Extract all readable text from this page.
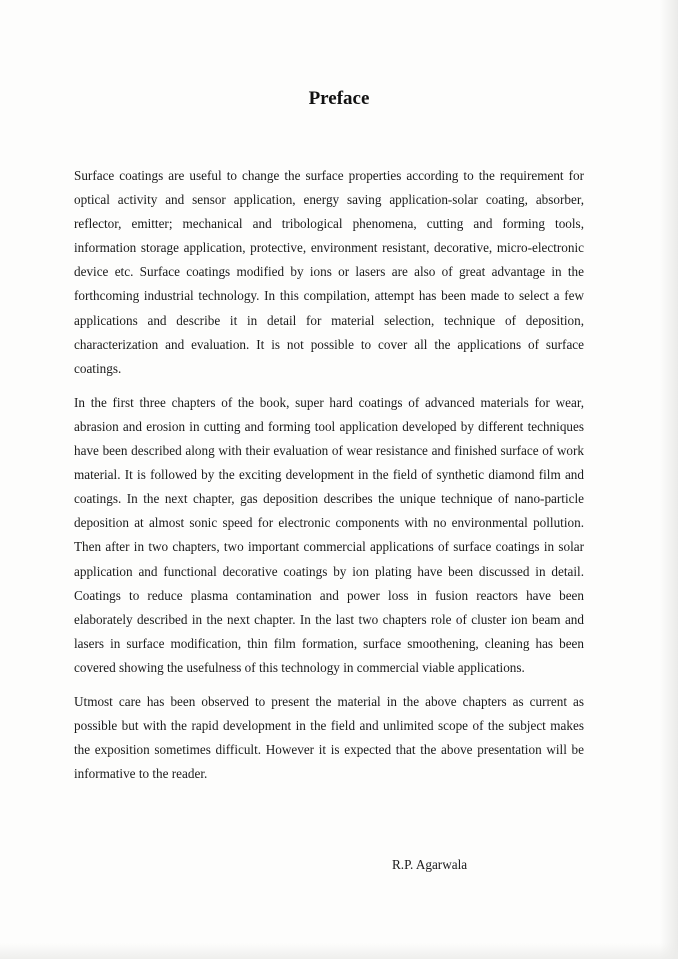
Preface

Surface coatings are useful to change the surface properties according to the requirement for optical activity and sensor application, energy saving application-solar coating, absorber, reflector, emitter; mechanical and tribological phenomena, cutting and forming tools, information storage application, protective, environment resistant, decorative, micro-electronic device etc. Surface coatings modified by ions or lasers are also of great advantage in the forthcoming industrial technology. In this compilation, attempt has been made to select a few applications and describe it in detail for material selection, technique of deposition, characterization and evaluation. It is not possible to cover all the applications of surface coatings.

In the first three chapters of the book, super hard coatings of advanced materials for wear, abrasion and erosion in cutting and forming tool application developed by different techniques have been described along with their evaluation of wear resistance and finished surface of work material. It is followed by the exciting development in the field of synthetic diamond film and coatings. In the next chapter, gas deposition describes the unique technique of nano-particle deposition at almost sonic speed for electronic components with no environmental pollution. Then after in two chapters, two important commercial applications of surface coatings in solar application and functional decorative coatings by ion plating have been discussed in detail. Coatings to reduce plasma contamination and power loss in fusion reactors have been elaborately described in the next chapter. In the last two chapters role of cluster ion beam and lasers in surface modification, thin film formation, surface smoothening, cleaning has been covered showing the usefulness of this technology in commercial viable applications.

Utmost care has been observed to present the material in the above chapters as current as possible but with the rapid development in the field and unlimited scope of the subject makes the exposition sometimes difficult. However it is expected that the above presentation will be informative to the reader.

R.P. Agarwala
